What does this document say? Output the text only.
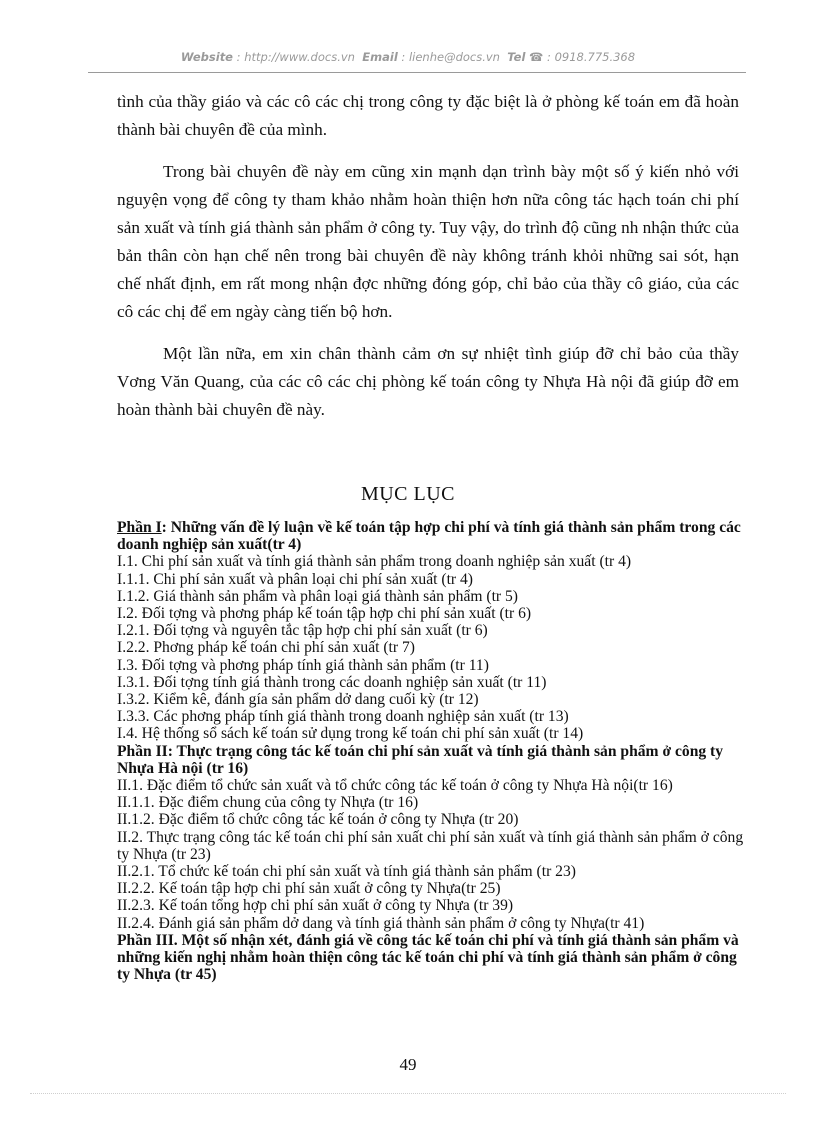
Website : http://www.docs.vn Email : lienhe@docs.vn Tel ☎ : 0918.775.368

tình của thầy giáo và các cô các chị trong công ty đặc biệt là ở phòng kế toán em đã hoàn thành bài chuyên đề của mình.

Trong bài chuyên đề này em cũng xin mạnh dạn trình bày một số ý kiến nhỏ với nguyện vọng để công ty tham khảo nhằm hoàn thiện hơn nữa công tác hạch toán chi phí sản xuất và tính giá thành sản phẩm ở công ty. Tuy vậy, do trình độ cũng nh nhận thức của bản thân còn hạn chế nên trong bài chuyên đề này không tránh khỏi những sai sót, hạn chế nhất định, em rất mong nhận đợc những đóng góp, chỉ bảo của thầy cô giáo, của các cô các chị để em ngày càng tiến bộ hơn.

Một lần nữa, em xin chân thành cảm ơn sự nhiệt tình giúp đỡ chỉ bảo của thầy Vơng Văn Quang, của các cô các chị phòng kế toán công ty Nhựa Hà nội đã giúp đỡ em hoàn thành bài chuyên đề này.

MỤC LỤC

Phần I: Những vấn đề lý luận về kế toán tập hợp chi phí và tính giá thành sản phẩm trong các doanh nghiệp sản xuất(tr 4)

I.1. Chi phí sản xuất và tính giá thành sản phẩm trong doanh nghiệp sản xuất (tr 4)

I.1.1. Chi phí sản xuất và phân loại chi phí sản xuất (tr 4)

I.1.2. Giá thành sản phẩm và phân loại giá thành sản phẩm (tr 5)

I.2. Đối tợng và phơng pháp kế toán tập hợp chi phí sản xuất (tr 6)

I.2.1. Đối tợng và nguyên tắc tập hợp chi phí sản xuất (tr 6)

I.2.2. Phơng pháp kế toán chi phí sản xuất (tr 7)

I.3. Đối tợng và phơng pháp tính giá thành sản phẩm (tr 11)

I.3.1. Đối tợng tính giá thành trong các doanh nghiệp sản xuất (tr 11)

I.3.2. Kiểm kê, đánh gía sản phẩm dở dang cuối kỳ (tr 12)

I.3.3. Các phơng pháp tính giá thành trong doanh nghiệp sản xuất (tr 13)

I.4. Hệ thống sổ sách kế toán sử dụng trong kế toán chi phí sản xuất (tr 14)

Phần II: Thực trạng công tác kế toán chi phí sản xuất và tính giá thành sản phẩm ở công ty Nhựa Hà nội (tr 16)

II.1. Đặc điểm tổ chức sản xuất và tổ chức công tác kế toán ở công ty Nhựa Hà nội(tr 16)

II.1.1. Đặc điểm chung của công ty Nhựa (tr 16)

II.1.2. Đặc điểm tổ chức công tác kế toán ở công ty Nhựa (tr 20)

II.2. Thực trạng công tác kế toán chi phí sản xuất chi phí sản xuất và tính giá thành sản phẩm ở công ty Nhựa (tr 23)

II.2.1. Tổ chức kế toán chi phí sản xuất và tính giá thành sản phẩm (tr 23)

II.2.2. Kế toán tập hợp chi phí sản xuất ở công ty Nhựa(tr 25)

II.2.3. Kế toán tổng hợp chi phí sản xuất ở công ty Nhựa (tr 39)

II.2.4. Đánh giá sản phẩm dở dang và tính giá thành sản phẩm ở công ty Nhựa(tr 41)

Phần III. Một số nhận xét, đánh giá về công tác kế toán chi phí và tính giá thành sản phẩm và những kiến nghị nhằm hoàn thiện công tác kế toán chi phí và tính giá thành sản phẩm ở công ty Nhựa (tr 45)

49
